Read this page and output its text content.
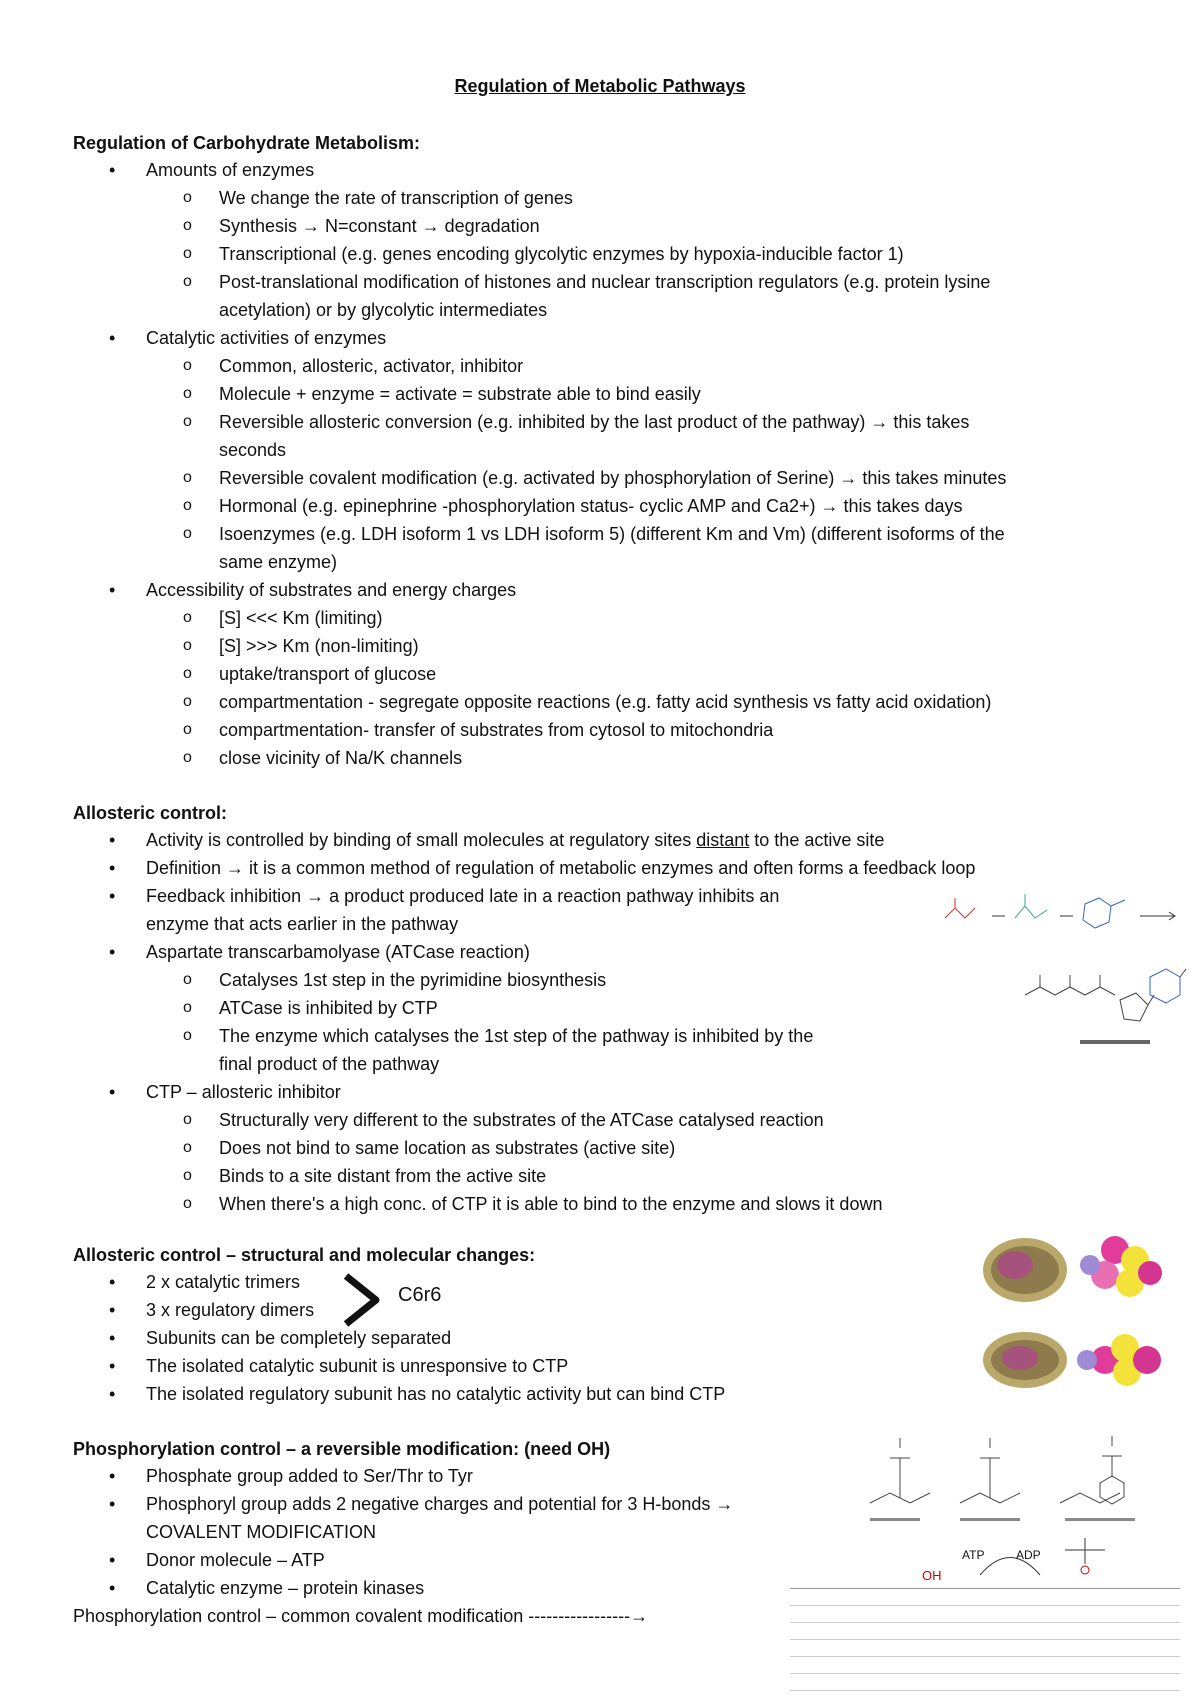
Regulation of Metabolic Pathways
Regulation of Carbohydrate Metabolism:
• Amounts of enzymes
o We change the rate of transcription of genes
o Synthesis → N=constant → degradation
o Transcriptional (e.g. genes encoding glycolytic enzymes by hypoxia-inducible factor 1)
o Post-translational modification of histones and nuclear transcription regulators (e.g. protein lysine
acetylation) or by glycolytic intermediates
• Catalytic activities of enzymes
o Common, allosteric, activator, inhibitor
o Molecule + enzyme = activate = substrate able to bind easily
o Reversible allosteric conversion (e.g. inhibited by the last product of the pathway) → this takes
seconds
o Reversible covalent modification (e.g. activated by phosphorylation of Serine) → this takes minutes
o Hormonal (e.g. epinephrine -phosphorylation status- cyclic AMP and Ca2+) → this takes days
o Isoenzymes (e.g. LDH isoform 1 vs LDH isoform 5) (different Km and Vm) (different isoforms of the
same enzyme)
• Accessibility of substrates and energy charges
o [S] <<< Km (limiting)
o [S] >>> Km (non-limiting)
o uptake/transport of glucose
o compartmentation - segregate opposite reactions (e.g. fatty acid synthesis vs fatty acid oxidation)
o compartmentation- transfer of substrates from cytosol to mitochondria
o close vicinity of Na/K channels
Allosteric control:
• Activity is controlled by binding of small molecules at regulatory sites distant to the active site
• Definition → it is a common method of regulation of metabolic enzymes and often forms a feedback loop
• Feedback inhibition → a product produced late in a reaction pathway inhibits an
enzyme that acts earlier in the pathway
• Aspartate transcarbamolyase (ATCase reaction)
o Catalyses 1st step in the pyrimidine biosynthesis
o ATCase is inhibited by CTP
o The enzyme which catalyses the 1st step of the pathway is inhibited by the
final product of the pathway
• CTP – allosteric inhibitor
o Structurally very different to the substrates of the ATCase catalysed reaction
o Does not bind to same location as substrates (active site)
o Binds to a site distant from the active site
o When there's a high conc. of CTP it is able to bind to the enzyme and slows it down
Allosteric control – structural and molecular changes:
• 2 x catalytic trimers
• 3 x regulatory dimers
• Subunits can be completely separated
• The isolated catalytic subunit is unresponsive to CTP
• The isolated regulatory subunit has no catalytic activity but can bind CTP
C6r6
Phosphorylation control – a reversible modification: (need OH)
• Phosphate group added to Ser/Thr to Tyr
• Phosphoryl group adds 2 negative charges and potential for 3 H-bonds →
COVALENT MODIFICATION
• Donor molecule – ATP
• Catalytic enzyme – protein kinases
Phosphorylation control – common covalent modification -----------------→
OH
ATP	ADP
